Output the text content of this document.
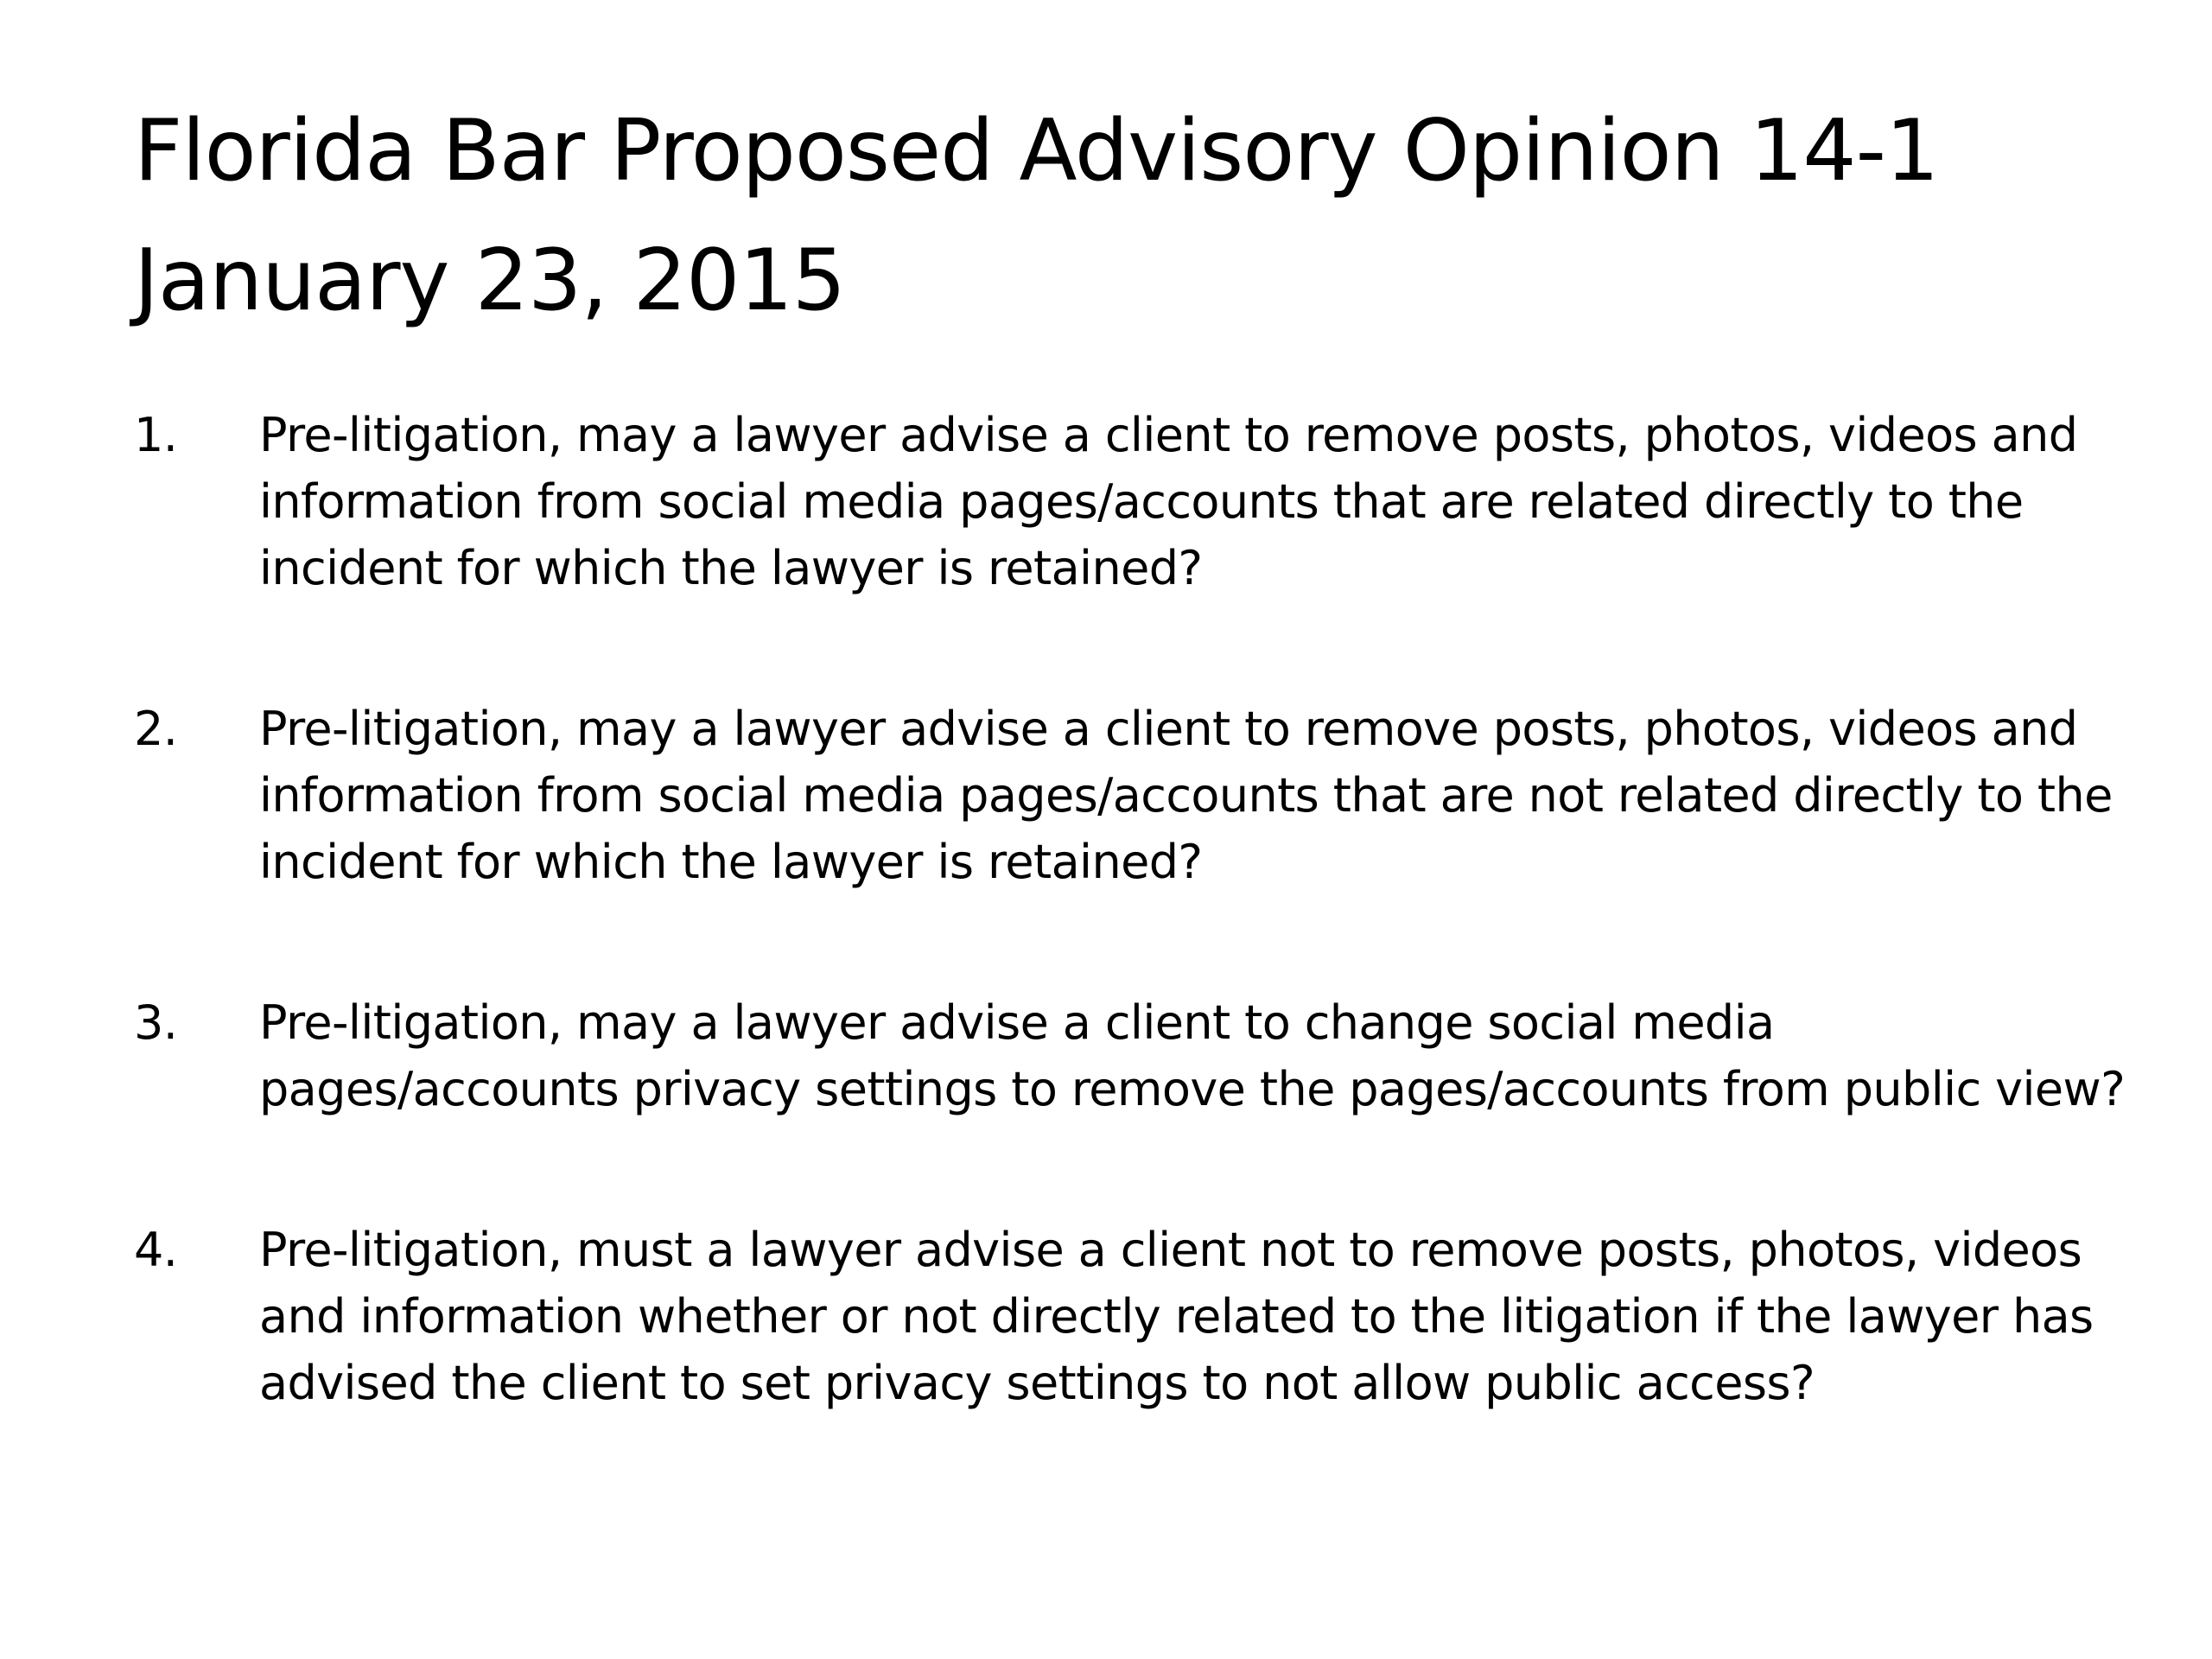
Florida Bar Proposed Advisory Opinion 14-1
January 23, 2015
1.	Pre-litigation, may a lawyer advise a client to remove posts, photos, videos and
information from social media pages/accounts that are related directly to the
incident for which the lawyer is retained?
2.	Pre-litigation, may a lawyer advise a client to remove posts, photos, videos and
information from social media pages/accounts that are not related directly to the
incident for which the lawyer is retained?
3.	Pre-litigation, may a lawyer advise a client to change social media
pages/accounts privacy settings to remove the pages/accounts from public view?
4.	Pre-litigation, must a lawyer advise a client not to remove posts, photos, videos
and information whether or not directly related to the litigation if the lawyer has
advised the client to set privacy settings to not allow public access?
